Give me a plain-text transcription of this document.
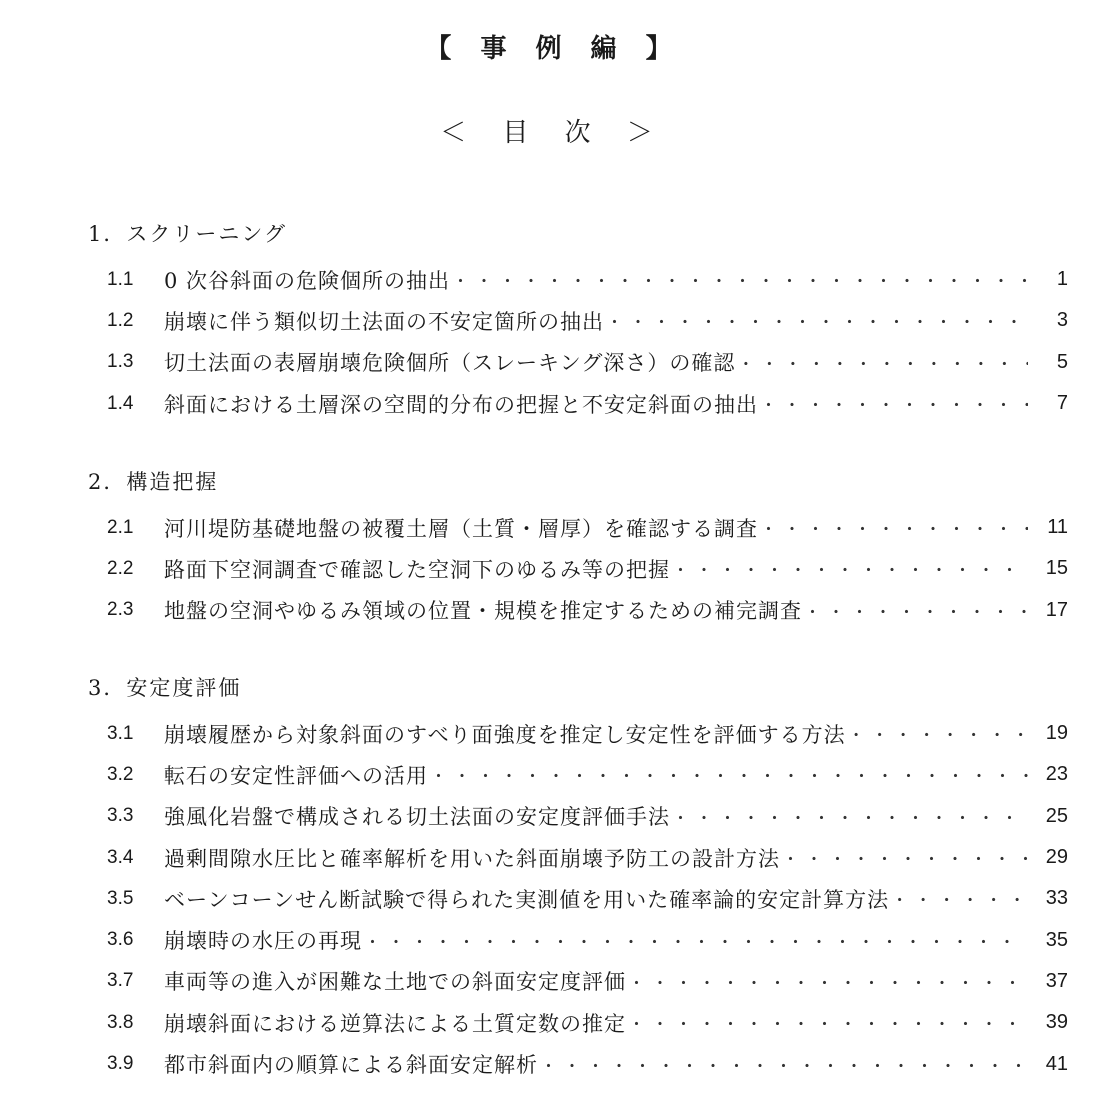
【 事 例 編 】
＜ 目 次 ＞
1．スクリーニング
1.1	0 次谷斜面の危険個所の抽出 ・・・・・・・・・・・・・・・・・・・・・・・・・・・・・・・・・・・・・・・・・・・・・・・・・・・・・	1
1.2	崩壊に伴う類似切土法面の不安定箇所の抽出 ・・・・・・・・・・・・・・・・・・・・・・・・・・・・・・・・・・・・・・・・・・・・・・・・・・・・・	3
1.3	切土法面の表層崩壊危険個所（スレーキング深さ）の確認 ・・・・・・・・・・・・・・・・・・・・・・・・・・・・・・・・・・・・・・・・・・・・・・・・・・・・・	5
1.4	斜面における土層深の空間的分布の把握と不安定斜面の抽出 ・・・・・・・・・・・・・・・・・・・・・・・・・・・・・・・・・・・・・・・・・・・・・・・・・・・・・	7
2．構造把握
2.1	河川堤防基礎地盤の被覆土層（土質・層厚）を確認する調査 ・・・・・・・・・・・・・・・・・・・・・・・・・・・・・・・・・・・・・・・・・・・・・・・・・・・・・	11
2.2	路面下空洞調査で確認した空洞下のゆるみ等の把握 ・・・・・・・・・・・・・・・・・・・・・・・・・・・・・・・・・・・・・・・・・・・・・・・・・・・・・	15
2.3	地盤の空洞やゆるみ領域の位置・規模を推定するための補完調査 ・・・・・・・・・・・・・・・・・・・・・・・・・・・・・・・・・・・・・・・・・・・・・・・・・・・・・	17
3．安定度評価
3.1	崩壊履歴から対象斜面のすべり面強度を推定し安定性を評価する方法 ・・・・・・・・・・・・・・・・・・・・・・・・・・・・・・・・・・・・・・・・・・・・・・・・・・・・・	19
3.2	転石の安定性評価への活用 ・・・・・・・・・・・・・・・・・・・・・・・・・・・・・・・・・・・・・・・・・・・・・・・・・・・・・	23
3.3	強風化岩盤で構成される切土法面の安定度評価手法 ・・・・・・・・・・・・・・・・・・・・・・・・・・・・・・・・・・・・・・・・・・・・・・・・・・・・・	25
3.4	過剰間隙水圧比と確率解析を用いた斜面崩壊予防工の設計方法 ・・・・・・・・・・・・・・・・・・・・・・・・・・・・・・・・・・・・・・・・・・・・・・・・・・・・・	29
3.5	ベーンコーンせん断試験で得られた実測値を用いた確率論的安定計算方法 ・・・・・・・・・・・・・・・・・・・・・・・・・・・・・・・・・・・・・・・・・・・・・・・・・・・・・	33
3.6	崩壊時の水圧の再現 ・・・・・・・・・・・・・・・・・・・・・・・・・・・・・・・・・・・・・・・・・・・・・・・・・・・・・	35
3.7	車両等の進入が困難な土地での斜面安定度評価 ・・・・・・・・・・・・・・・・・・・・・・・・・・・・・・・・・・・・・・・・・・・・・・・・・・・・・	37
3.8	崩壊斜面における逆算法による土質定数の推定 ・・・・・・・・・・・・・・・・・・・・・・・・・・・・・・・・・・・・・・・・・・・・・・・・・・・・・	39
3.9	都市斜面内の順算による斜面安定解析 ・・・・・・・・・・・・・・・・・・・・・・・・・・・・・・・・・・・・・・・・・・・・・・・・・・・・・	41
